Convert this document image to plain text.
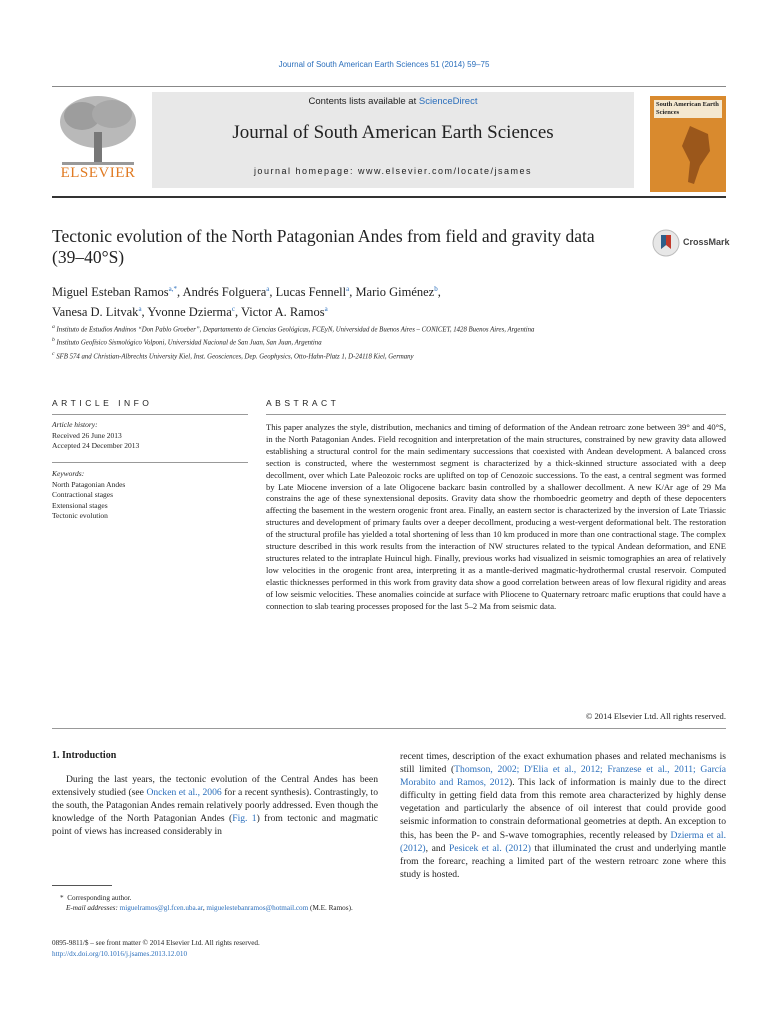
Journal of South American Earth Sciences 51 (2014) 59–75
ELSEVIER
Contents lists available at ScienceDirect
Journal of South American Earth Sciences
journal homepage: www.elsevier.com/locate/jsames
South American Earth Sciences
Tectonic evolution of the North Patagonian Andes from field and gravity data (39–40°S)
CrossMark
Miguel Esteban Ramos$^{a,*}$, Andrés Folguera$^a$, Lucas Fennell$^a$, Mario Giménez$^b$,
Vanesa D. Litvak$^a$, Yvonne Dzierma$^c$, Victor A. Ramos$^a$
$^a$ Instituto de Estudios Andinos “Don Pablo Groeber”, Departamento de Ciencias Geológicas, FCEyN, Universidad de Buenos Aires – CONICET, 1428 Buenos Aires, Argentina
$^b$ Instituto Geofísico Sismológico Volponi, Universidad Nacional de San Juan, San Juan, Argentina
$^c$ SFB 574 and Christian-Albrechts University Kiel, Inst. Geosciences, Dep. Geophysics, Otto-Hahn-Platz 1, D-24118 Kiel, Germany
ARTICLE INFO
Article history:
Received 26 June 2013
Accepted 24 December 2013
Keywords:
North Patagonian Andes
Contractional stages
Extensional stages
Tectonic evolution
ABSTRACT
This paper analyzes the style, distribution, mechanics and timing of deformation of the Andean retroarc zone between 39° and 40°S, in the North Patagonian Andes. Field recognition and interpretation of the main structures, constrained by new gravity data allowed establishing a structural control for the main sedimentary successions that coexisted with Andean development. A balanced cross section is constructed, where the westernmost segment is characterized by a thick-skinned structure associated with a deep decollment, over which Late Paleozoic rocks are uplifted on top of Cenozoic successions. To the east, a central segment was formed by Late Miocene inversion of a late Oligocene backarc basin controlled by a shallower decollment. A new K/Ar age of 29 Ma constrains the age of these synextensional deposits. Gravity data show the rhomboedric geometry and depth of these depocenters affecting the basement in the western orogenic front area. Finally, an eastern sector is characterized by the inversion of Late Triassic structures and development of primary faults over a deeper decollment, producing a west-vergent deformational belt. The restoration of the structural profile has yielded a total shortening of less than 10 km produced in more than one contractional stage. The complex structure described in this work results from the interaction of NW structures related to the typical Andean deformation, and ENE structures related to the intraplate Huincul high. Finally, previous works had visualized in seismic tomographies an area of relatively low velocities in the orogenic front area, interpreting it as a mantle-derived magmatic-hydrothermal crustal reservoir. Computed elastic thicknesses performed in this work from gravity data show a good correlation between areas of low flexural rigidity and areas of low seismic velocities. These anomalies coincide at surface with Pliocene to Quaternary retroarc mafic eruptions that could have a connection to slab tearing processes proposed for the last 5–2 Ma from seismic data.
© 2014 Elsevier Ltd. All rights reserved.
1. Introduction
During the last years, the tectonic evolution of the Central Andes has been extensively studied (see Oncken et al., 2006 for a recent synthesis). Contrastingly, to the south, the Patagonian Andes remain relatively poorly addressed. Even though the knowledge of the North Patagonian Andes (Fig. 1) from tectonic and magmatic point of views has increased considerably in
recent times, description of the exact exhumation phases and related mechanisms is still limited (Thomson, 2002; D'Elia et al., 2012; Franzese et al., 2011; García Morabito and Ramos, 2012). This lack of information is mainly due to the direct difficulty in getting field data from this remote area characterized by highly dense vegetation and particularly the absence of oil interest that could provide good seismic information to constrain deformational geometries at depth. An exception to this, has been the P- and S-wave tomographies, recently released by Dzierma et al. (2012), and Pesicek et al. (2012) that illuminated the crust and underlying mantle from the forearc, reaching a limited part of the western retroarc zone where this study is hosted.
* Corresponding author.
E-mail addresses: miguelramos@gl.fcen.uba.ar, miguelestebanramos@hotmail.com (M.E. Ramos).
0895-9811/$ – see front matter © 2014 Elsevier Ltd. All rights reserved.
http://dx.doi.org/10.1016/j.jsames.2013.12.010
